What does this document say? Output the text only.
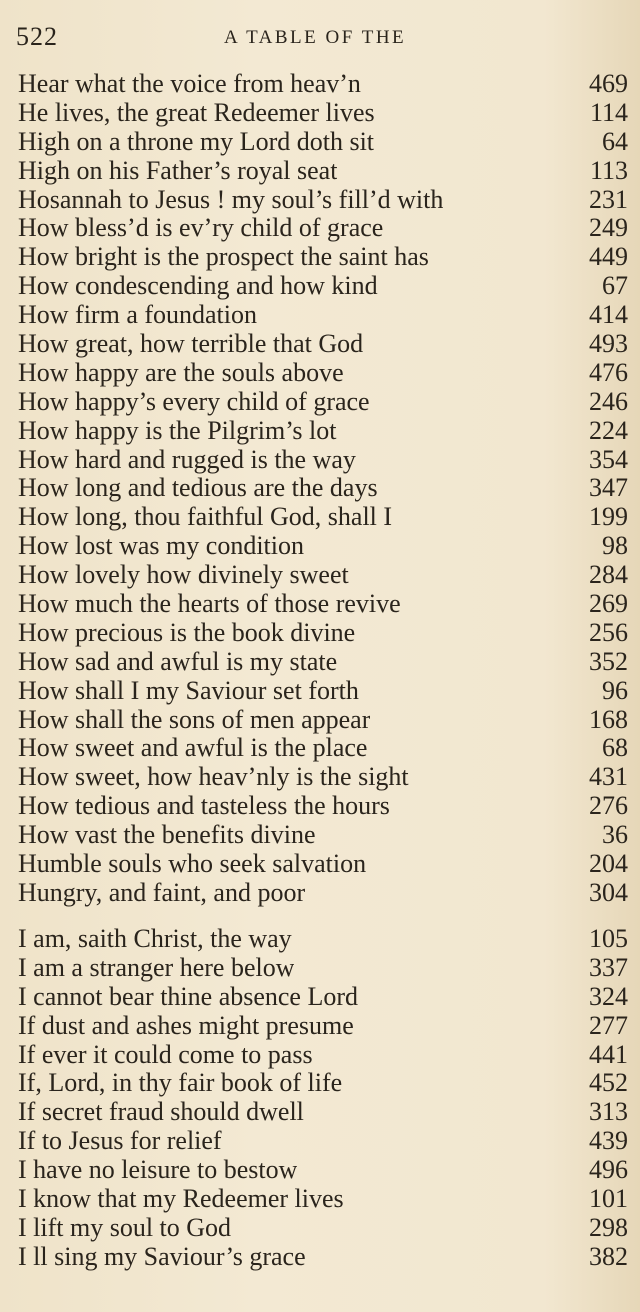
522	A TABLE OF THE
Hear what the voice from heav’n	469
He lives, the great Redeemer lives	114
High on a throne my Lord doth sit	64
High on his Father’s royal seat	113
Hosannah to Jesus ! my soul’s fill’d with	231
How bless’d is ev’ry child of grace	249
How bright is the prospect the saint has	449
How condescending and how kind	67
How firm a foundation	414
How great, how terrible that God	493
How happy are the souls above	476
How happy’s every child of grace	246
How happy is the Pilgrim’s lot	224
How hard and rugged is the way	354
How long and tedious are the days	347
How long, thou faithful God, shall I	199
How lost was my condition	98
How lovely how divinely sweet	284
How much the hearts of those revive	269
How precious is the book divine	256
How sad and awful is my state	352
How shall I my Saviour set forth	96
How shall the sons of men appear	168
How sweet and awful is the place	68
How sweet, how heav’nly is the sight	431
How tedious and tasteless the hours	276
How vast the benefits divine	36
Humble souls who seek salvation	204
Hungry, and faint, and poor	304
I am, saith Christ, the way	105
I am a stranger here below	337
I cannot bear thine absence Lord	324
If dust and ashes might presume	277
If ever it could come to pass	441
If, Lord, in thy fair book of life	452
If secret fraud should dwell	313
If to Jesus for relief	439
I have no leisure to bestow	496
I know that my Redeemer lives	101
I lift my soul to God	298
I ll sing my Saviour’s grace	382
